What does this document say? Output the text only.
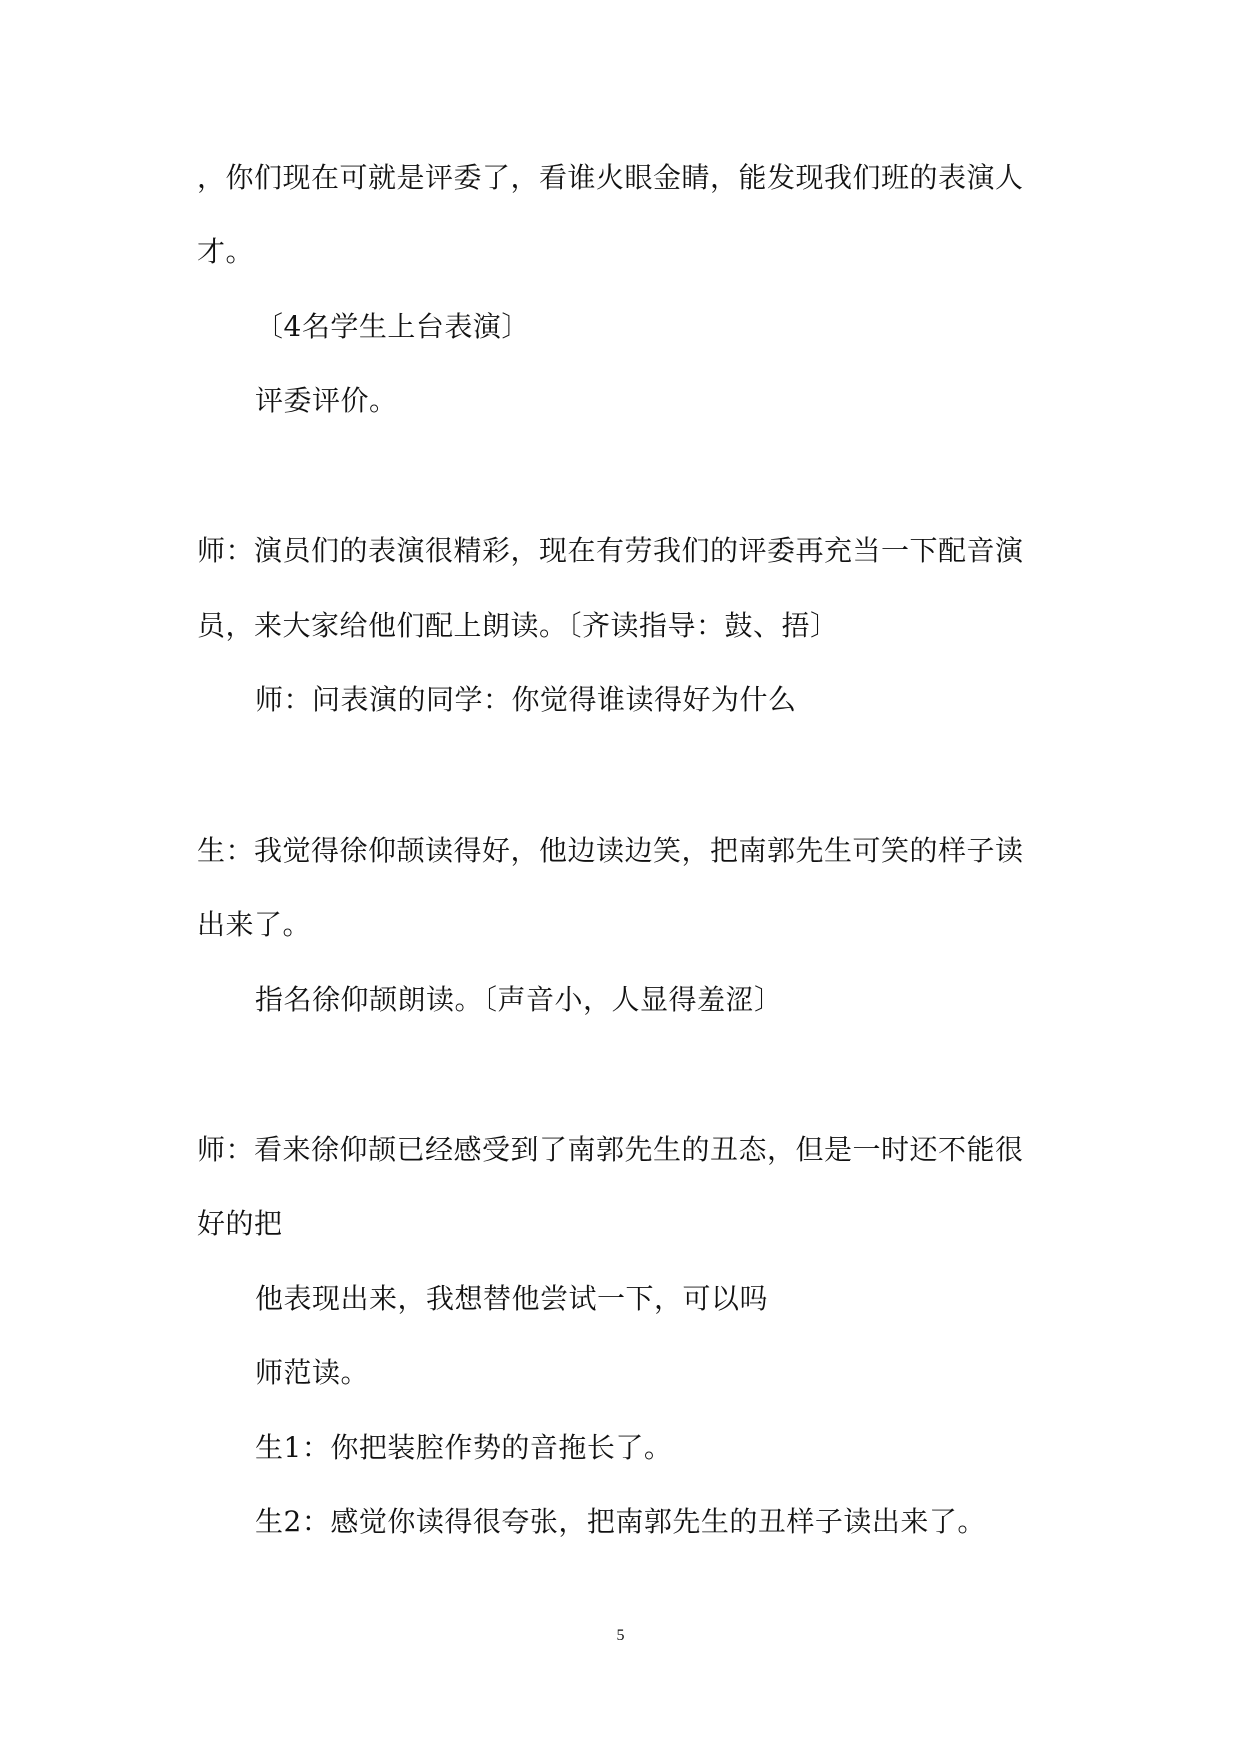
，你们现在可就是评委了，看谁火眼金睛，能发现我们班的表演人
才。
〔4名学生上台表演〕
评委评价。
师：演员们的表演很精彩，现在有劳我们的评委再充当一下配音演
员，来大家给他们配上朗读。〔齐读指导：鼓、捂〕
师：问表演的同学：你觉得谁读得好为什么
生：我觉得徐仰颉读得好，他边读边笑，把南郭先生可笑的样子读
出来了。
指名徐仰颉朗读。〔声音小，人显得羞涩〕
师：看来徐仰颉已经感受到了南郭先生的丑态，但是一时还不能很
好的把
他表现出来，我想替他尝试一下，可以吗
师范读。
生1：你把装腔作势的音拖长了。
生2：感觉你读得很夸张，把南郭先生的丑样子读出来了。
5
